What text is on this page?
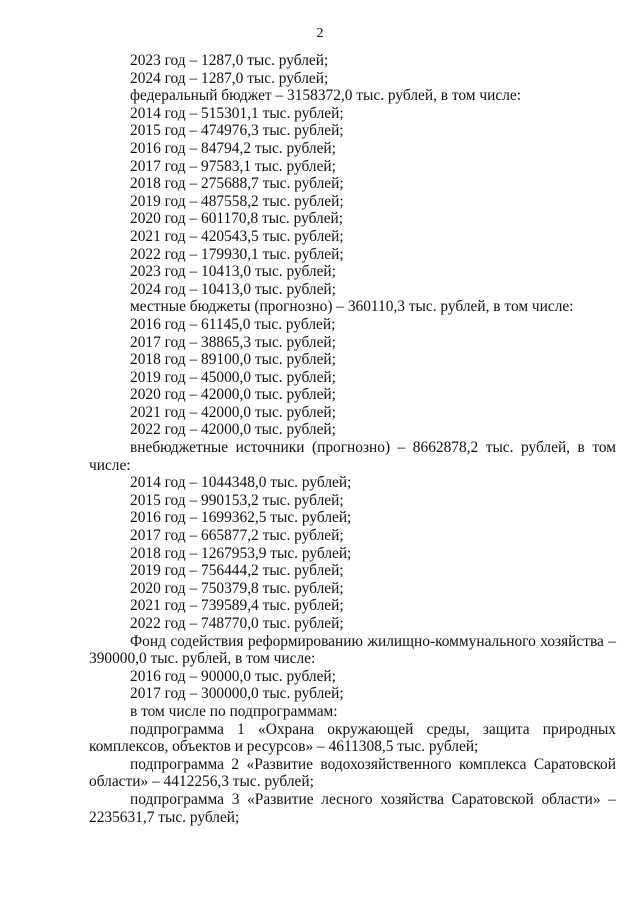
2
2023 год – 1287,0 тыс. рублей;
2024 год – 1287,0 тыс. рублей;
федеральный бюджет – 3158372,0 тыс. рублей, в том числе:
2014 год – 515301,1 тыс. рублей;
2015 год – 474976,3 тыс. рублей;
2016 год – 84794,2 тыс. рублей;
2017 год – 97583,1 тыс. рублей;
2018 год – 275688,7 тыс. рублей;
2019 год – 487558,2 тыс. рублей;
2020 год – 601170,8 тыс. рублей;
2021 год – 420543,5 тыс. рублей;
2022 год – 179930,1 тыс. рублей;
2023 год – 10413,0 тыс. рублей;
2024 год – 10413,0 тыс. рублей;
местные бюджеты (прогнозно) – 360110,3 тыс. рублей, в том числе:
2016 год – 61145,0 тыс. рублей;
2017 год – 38865,3 тыс. рублей;
2018 год – 89100,0 тыс. рублей;
2019 год – 45000,0 тыс. рублей;
2020 год – 42000,0 тыс. рублей;
2021 год – 42000,0 тыс. рублей;
2022 год – 42000,0 тыс. рублей;
внебюджетные источники (прогнозно) – 8662878,2 тыс. рублей, в том числе:
2014 год – 1044348,0 тыс. рублей;
2015 год – 990153,2 тыс. рублей;
2016 год – 1699362,5 тыс. рублей;
2017 год – 665877,2 тыс. рублей;
2018 год – 1267953,9 тыс. рублей;
2019 год – 756444,2 тыс. рублей;
2020 год – 750379,8 тыс. рублей;
2021 год – 739589,4 тыс. рублей;
2022 год – 748770,0 тыс. рублей;
Фонд содействия реформированию жилищно-коммунального хозяйства – 390000,0 тыс. рублей, в том числе:
2016 год – 90000,0 тыс. рублей;
2017 год – 300000,0 тыс. рублей;
в том числе по подпрограммам:
подпрограмма 1 «Охрана окружающей среды, защита природных комплексов, объектов и ресурсов» – 4611308,5 тыс. рублей;
подпрограмма 2 «Развитие водохозяйственного комплекса Саратовской области» – 4412256,3 тыс. рублей;
подпрограмма 3 «Развитие лесного хозяйства Саратовской области» – 2235631,7 тыс. рублей;
